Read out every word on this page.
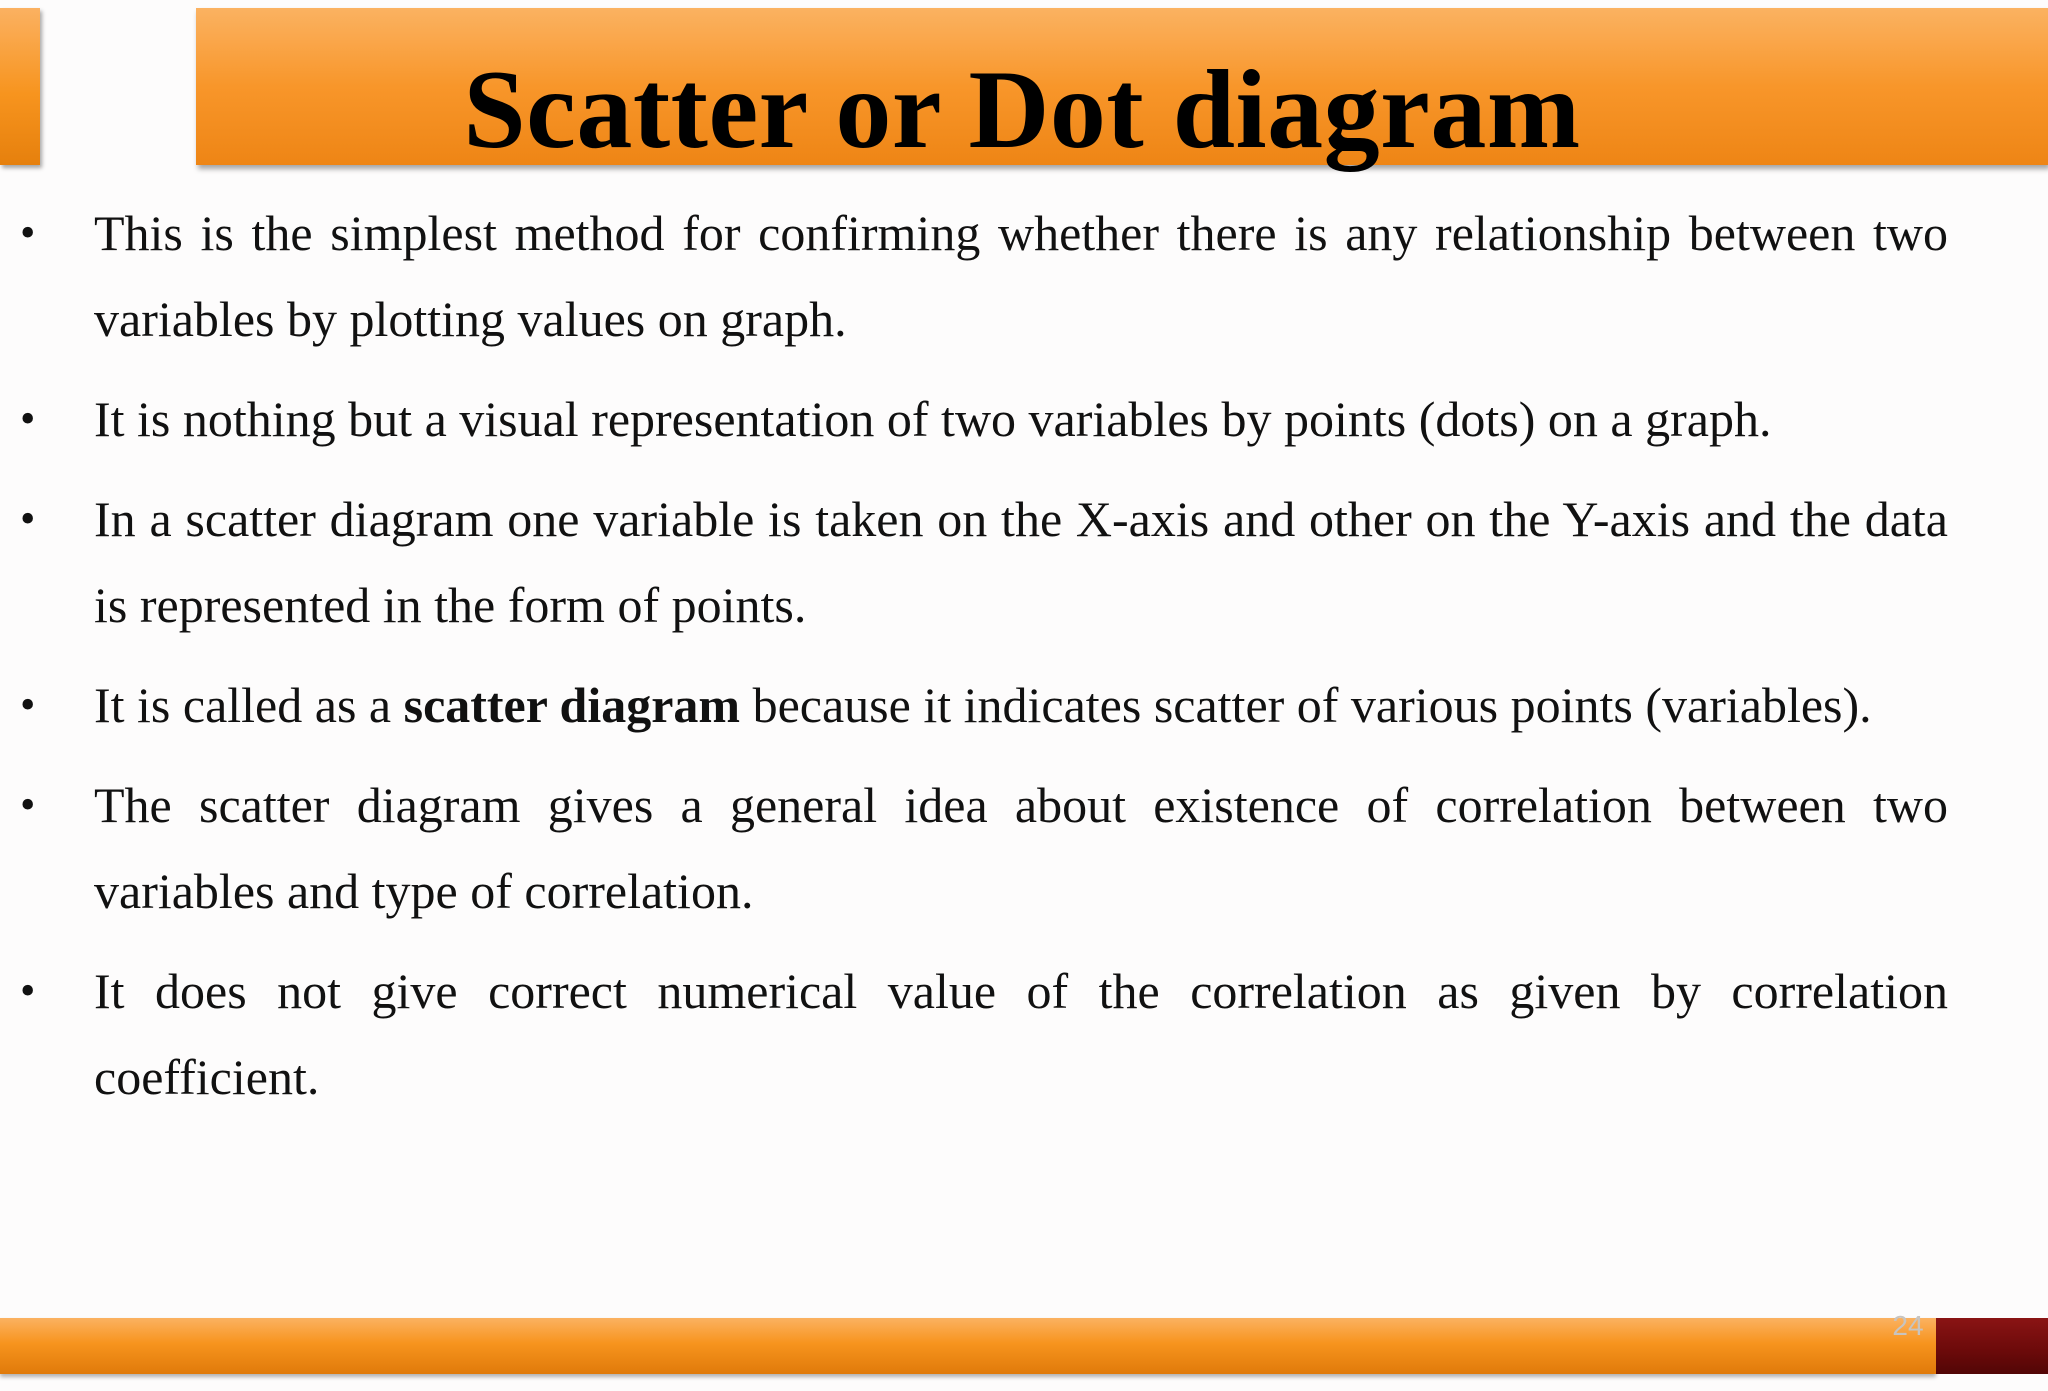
Scatter or Dot diagram
• This is the simplest method for confirming whether there is any relationship between two variables by plotting values on graph.
• It is nothing but a visual representation of two variables by points (dots) on a graph.
• In a scatter diagram one variable is taken on the X-axis and other on the Y-axis and the data is represented in the form of points.
• It is called as a scatter diagram because it indicates scatter of various points (variables).
• The scatter diagram gives a general idea about existence of correlation between two variables and type of correlation.
• It does not give correct numerical value of the correlation as given by correlation coefficient.
24
